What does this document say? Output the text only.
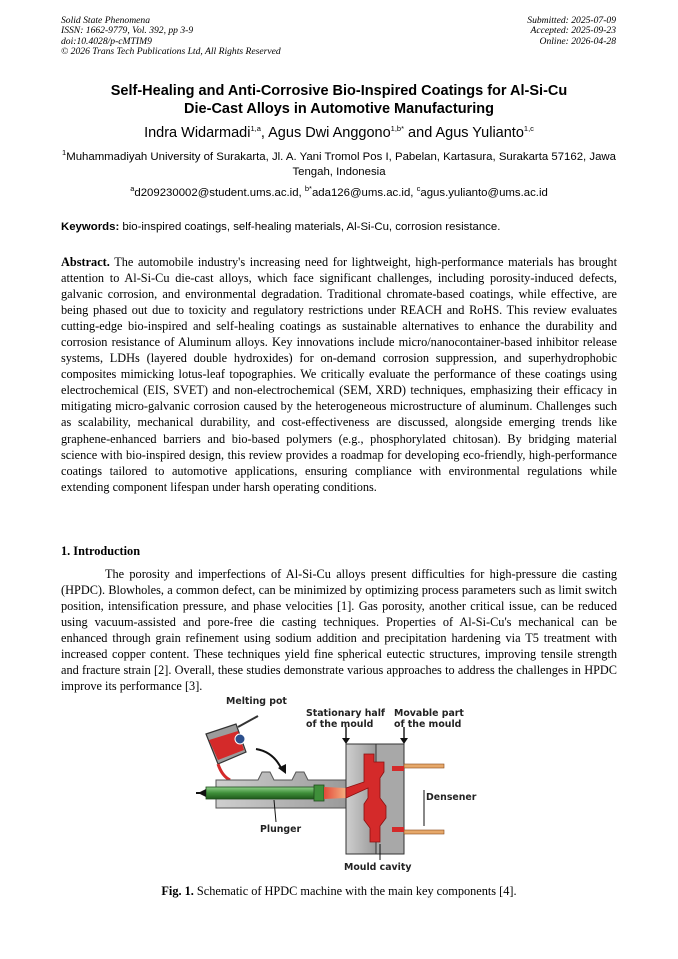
Solid State Phenomena
ISSN: 1662-9779, Vol. 392, pp 3-9
doi:10.4028/p-cMTIM9
© 2026 Trans Tech Publications Ltd, All Rights Reserved
Submitted: 2025-07-09
Accepted: 2025-09-23
Online: 2026-04-28
Self-Healing and Anti-Corrosive Bio-Inspired Coatings for Al-Si-Cu
Die-Cast Alloys in Automotive Manufacturing
Indra Widarmadi$^{1,a}$, Agus Dwi Anggono$^{1,b*}$ and Agus Yulianto$^{1,c}$
$^1$Muhammadiyah University of Surakarta, Jl. A. Yani Tromol Pos I, Pabelan, Kartasura, Surakarta 57162, Jawa Tengah, Indonesia
$^a$d209230002@student.ums.ac.id, $^{b*}$ada126@ums.ac.id, $^c$agus.yulianto@ums.ac.id
Keywords: bio-inspired coatings, self-healing materials, Al-Si-Cu, corrosion resistance.
Abstract. The automobile industry's increasing need for lightweight, high-performance materials has brought attention to Al-Si-Cu die-cast alloys, which face significant challenges, including porosity-induced defects, galvanic corrosion, and environmental degradation. Traditional chromate-based coatings, while effective, are being phased out due to toxicity and regulatory restrictions under REACH and RoHS. This review evaluates cutting-edge bio-inspired and self-healing coatings as sustainable alternatives to enhance the durability and corrosion resistance of Aluminum alloys. Key innovations include micro/nanocontainer-based inhibitor release systems, LDHs (layered double hydroxides) for on-demand corrosion suppression, and superhydrophobic composites mimicking lotus-leaf topographies. We critically evaluate the performance of these coatings using electrochemical (EIS, SVET) and non-electrochemical (SEM, XRD) techniques, emphasizing their efficacy in mitigating micro-galvanic corrosion caused by the heterogeneous microstructure of aluminum. Challenges such as scalability, mechanical durability, and cost-effectiveness are discussed, alongside emerging trends like graphene-enhanced barriers and bio-based polymers (e.g., phosphorylated chitosan). By bridging material science with bio-inspired design, this review provides a roadmap for developing eco-friendly, high-performance coatings tailored to automotive applications, ensuring compliance with environmental regulations while extending component lifespan under harsh operating conditions.
1. Introduction
The porosity and imperfections of Al-Si-Cu alloys present difficulties for high-pressure die casting (HPDC). Blowholes, a common defect, can be minimized by optimizing process parameters such as limit switch position, intensification pressure, and phase velocities [1]. Gas porosity, another critical issue, can be reduced using vacuum-assisted and pore-free die casting techniques. Properties of Al-Si-Cu's mechanical can be enhanced through grain refinement using sodium addition and precipitation hardening via T5 treatment with increased copper content. These techniques yield fine spherical eutectic structures, improving tensile strength and fracture strain [2]. Overall, these studies demonstrate various approaches to address the challenges in HPDC improve its performance [3].
Melting pot
Stationary half
of the mould
Movable part
of the mould
Densener
Plunger
Mould cavity
Fig. 1. Schematic of HPDC machine with the main key components [4].
